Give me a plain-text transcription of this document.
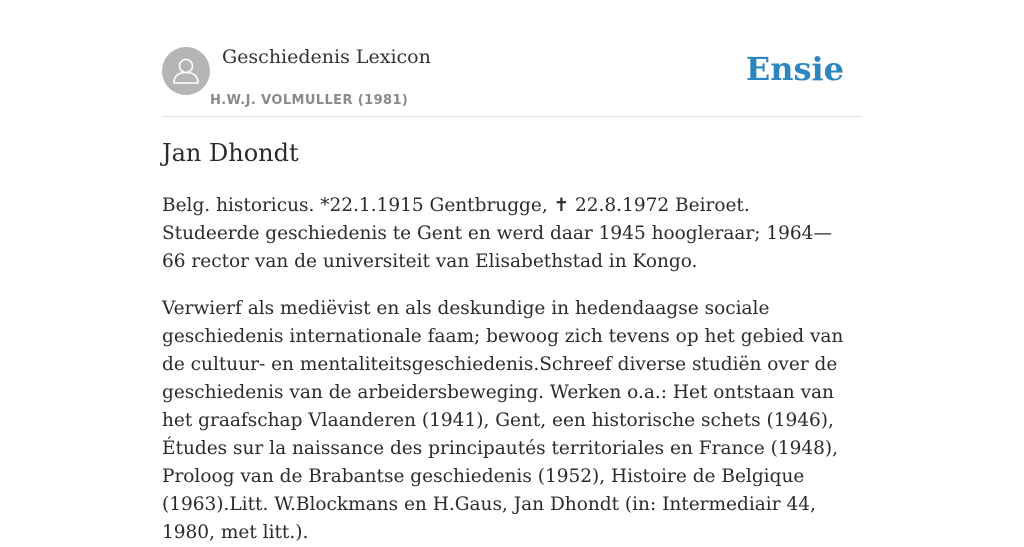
Geschiedenis Lexicon
H.W.J. VOLMULLER (1981)
Ensie
Jan Dhondt

Belg. historicus. *22.1.1915 Gentbrugge, ✝ 22.8.1972 Beiroet. Studeerde geschiedenis te Gent en werd daar 1945 hoogleraar; 1964—66 rector van de universiteit van Elisabethstad in Kongo.

Verwierf als mediëvist en als deskundige in hedendaagse sociale geschiedenis internationale faam; bewoog zich tevens op het gebied van de cultuur- en mentaliteitsgeschiedenis.Schreef diverse studiën over de geschiedenis van de arbeidersbeweging. Werken o.a.: Het ontstaan van het graafschap Vlaanderen (1941), Gent, een historische schets (1946), Études sur la naissance des principautés territoriales en France (1948), Proloog van de Brabantse geschiedenis (1952), Histoire de Belgique (1963).Litt. W.Blockmans en H.Gaus, Jan Dhondt (in: Intermediair 44, 1980, met litt.).
